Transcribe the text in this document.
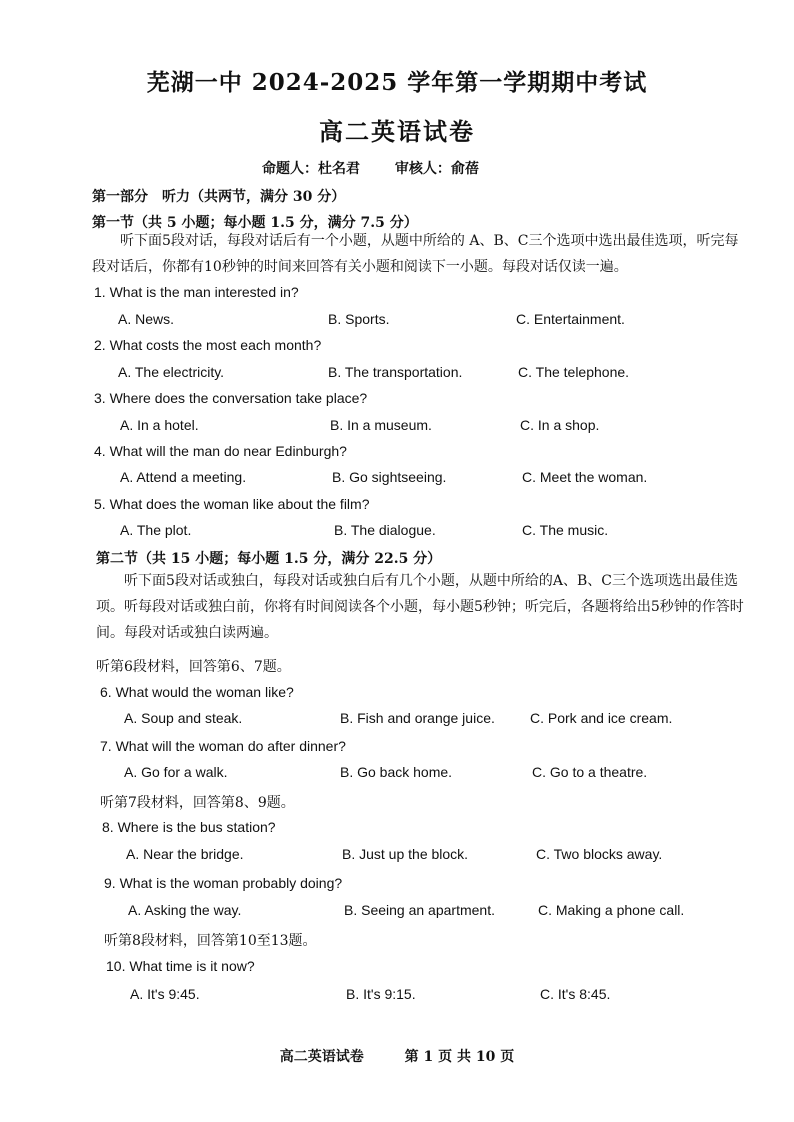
芜湖一中 2024-2025 学年第一学期期中考试
高二英语试卷
命题人：杜名君 审核人：俞蓓
第一部分　听力（共两节，满分 30 分）
第一节（共 5 小题；每小题 1.5 分，满分 7.5 分）
听下面5段对话，每段对话后有一个小题，从题中所给的 A、B、C三个选项中选出最佳选项，听完每段对话后，你都有10秒钟的时间来回答有关小题和阅读下一小题。每段对话仅读一遍。
1. What is the man interested in?
A. News.	B. Sports.	C. Entertainment.
2. What costs the most each month?
A. The electricity.	B. The transportation.	C. The telephone.
3. Where does the conversation take place?
A. In a hotel.	B. In a museum.	C. In a shop.
4. What will the man do near Edinburgh?
A. Attend a meeting.	B. Go sightseeing.	C. Meet the woman.
5. What does the woman like about the film?
A. The plot.	B. The dialogue.	C. The music.
第二节（共 15 小题；每小题 1.5 分，满分 22.5 分）
听下面5段对话或独白，每段对话或独白后有几个小题，从题中所给的A、B、C三个选项选出最佳选项。听每段对话或独白前，你将有时间阅读各个小题，每小题5秒钟；听完后，各题将给出5秒钟的作答时间。每段对话或独白读两遍。
听第6段材料，回答第6、7题。
6. What would the woman like?
A. Soup and steak.	B. Fish and orange juice.	C. Pork and ice cream.
7. What will the woman do after dinner?
A. Go for a walk.	B. Go back home.	C. Go to a theatre.
听第7段材料，回答第8、9题。
8. Where is the bus station?
A. Near the bridge.	B. Just up the block.	C. Two blocks away.
9. What is the woman probably doing?
A. Asking the way.	B. Seeing an apartment.	C. Making a phone call.
听第8段材料，回答第10至13题。
10. What time is it now?
A. It's 9:45.	B. It's 9:15.	C. It's 8:45.
高二英语试卷	第 1 页 共 10 页
